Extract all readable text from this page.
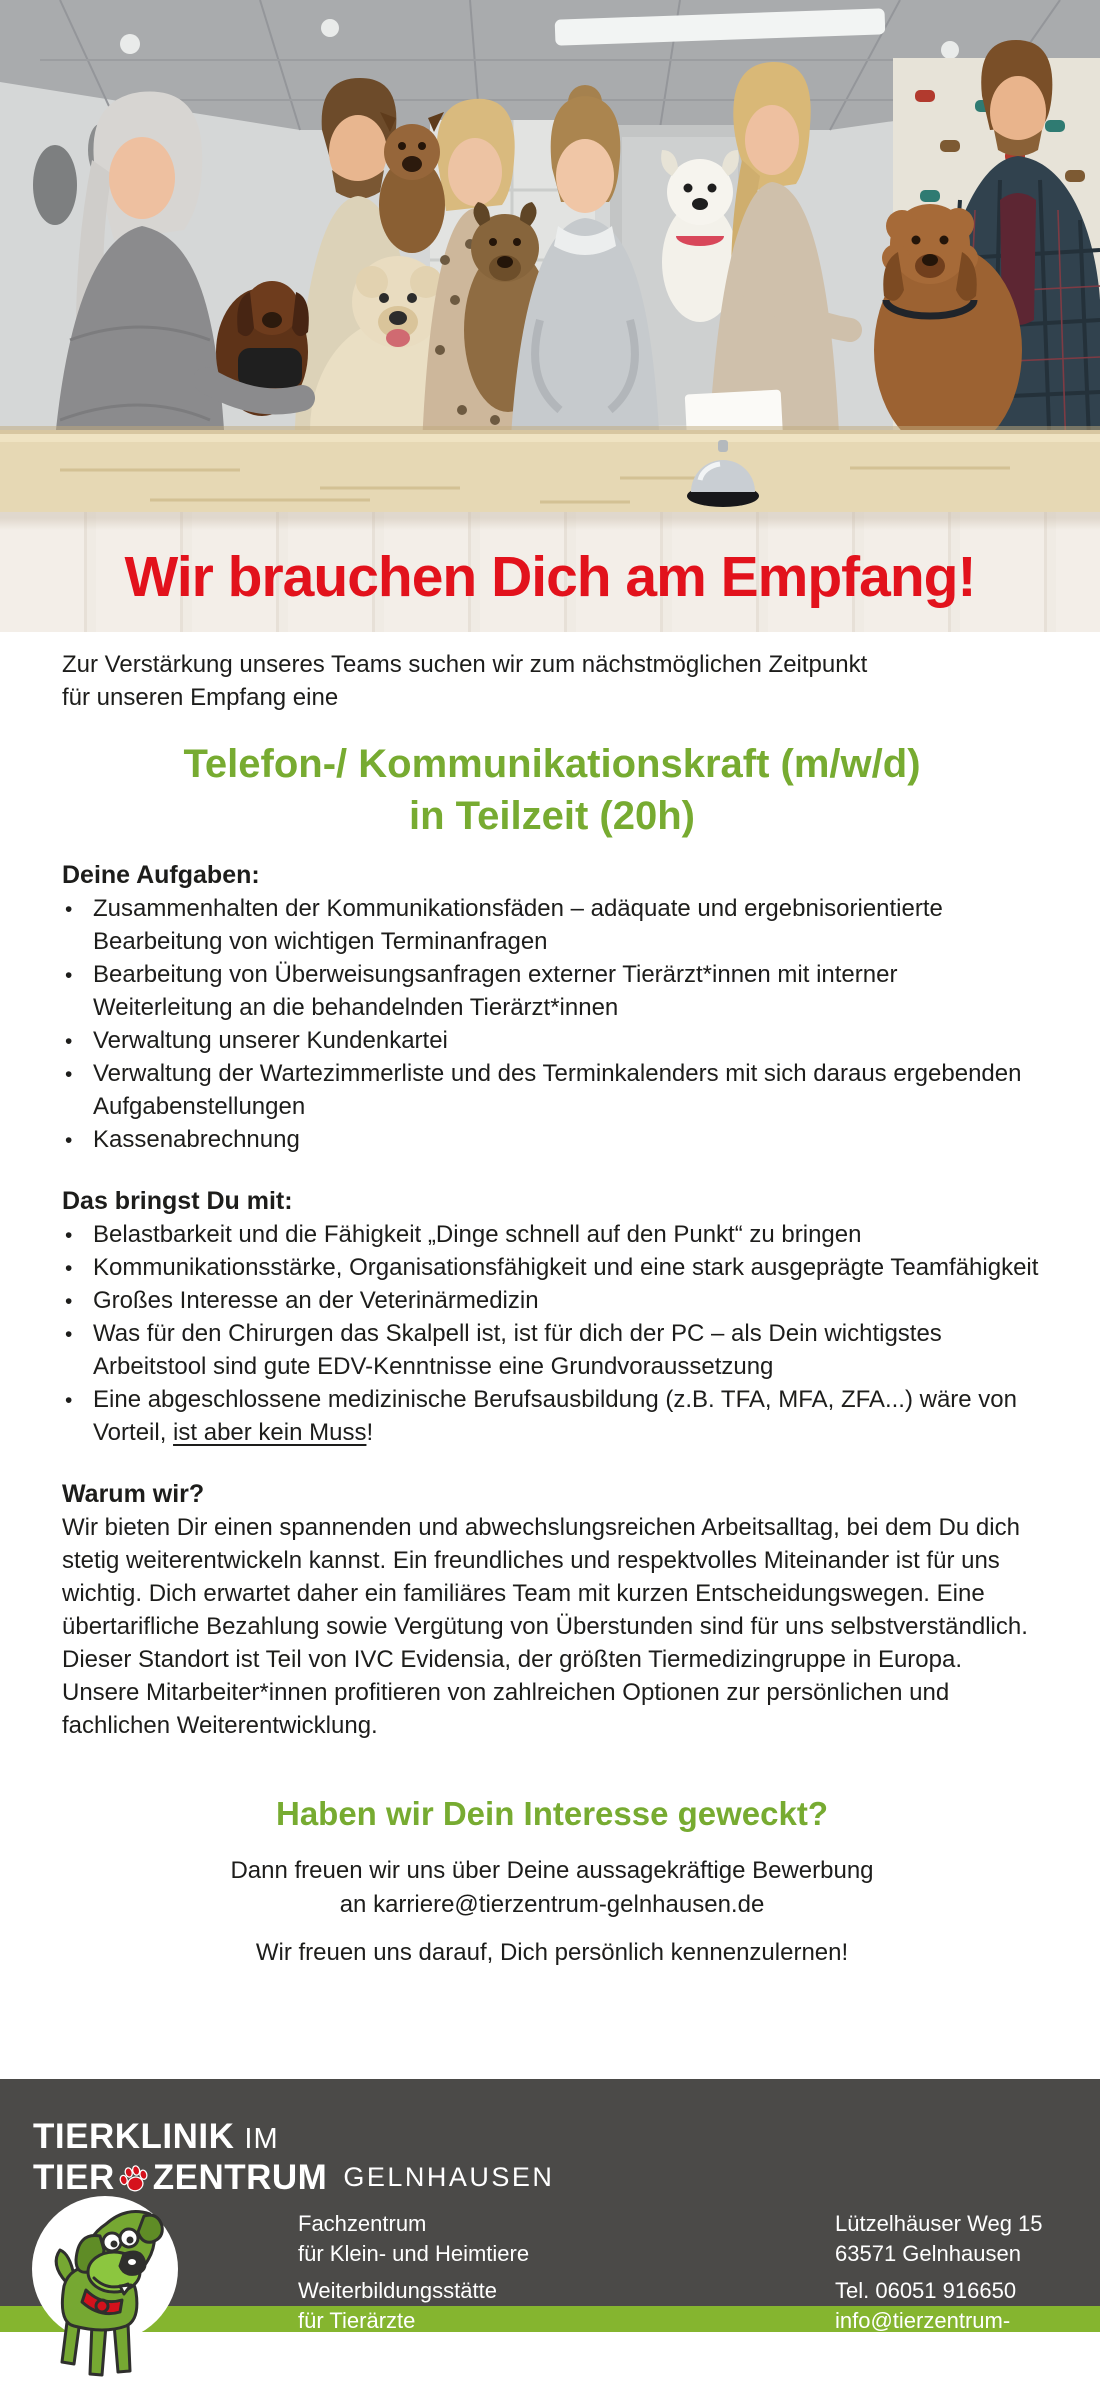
Wir brauchen Dich am Empfang!

Zur Verstärkung unseres Teams suchen wir zum nächstmöglichen Zeitpunkt
für unseren Empfang eine

Telefon-/ Kommunikationskraft (m/w/d)
in Teilzeit (20h)
Deine Aufgaben:
• Zusammenhalten der Kommunikationsfäden – adäquate und ergebnisorientierte Bearbeitung von wichtigen Terminanfragen
• Bearbeitung von Überweisungsanfragen externer Tierärzt*innen mit interner Weiterleitung an die behandelnden Tierärzt*innen
• Verwaltung unserer Kundenkartei
• Verwaltung der Wartezimmerliste und des Terminkalenders mit sich daraus ergebenden Aufgabenstellungen
• Kassenabrechnung
Das bringst Du mit:
• Belastbarkeit und die Fähigkeit „Dinge schnell auf den Punkt“ zu bringen
• Kommunikationsstärke, Organisationsfähigkeit und eine stark ausgeprägte Teamfähigkeit
• Großes Interesse an der Veterinärmedizin
• Was für den Chirurgen das Skalpell ist, ist für dich der PC – als Dein wichtigstes Arbeitstool sind gute EDV-Kenntnisse eine Grundvoraussetzung
• Eine abgeschlossene medizinische Berufsausbildung (z.B. TFA, MFA, ZFA...) wäre von Vorteil, ist aber kein Muss!
Warum wir?

Wir bieten Dir einen spannenden und abwechslungsreichen Arbeitsalltag, bei dem Du dich stetig weiterentwickeln kannst. Ein freundliches und respektvolles Miteinander ist für uns wichtig. Dich erwartet daher ein familiäres Team mit kurzen Entscheidungswegen. Eine übertarifliche Bezahlung sowie Vergütung von Überstunden sind für uns selbstverständlich.

Dieser Standort ist Teil von IVC Evidensia, der größten Tiermedizingruppe in Europa. Unsere Mitarbeiter*innen profitieren von zahlreichen Optionen zur persönlichen und fachlichen Weiterentwicklung.

Haben wir Dein Interesse geweckt?

Dann freuen wir uns über Deine aussagekräftige Bewerbung
an karriere@tierzentrum-gelnhausen.de

Wir freuen uns darauf, Dich persönlich kennenzulernen!

TIERKLINIK IM
TIER ZENTRUM GELNHAUSEN
Fachzentrum
für Klein- und Heimtiere
Weiterbildungsstätte
für Tierärzte
Lützelhäuser Weg 15
63571 Gelnhausen
Tel. 06051 916650
info@tierzentrum-gelnhausen.de
